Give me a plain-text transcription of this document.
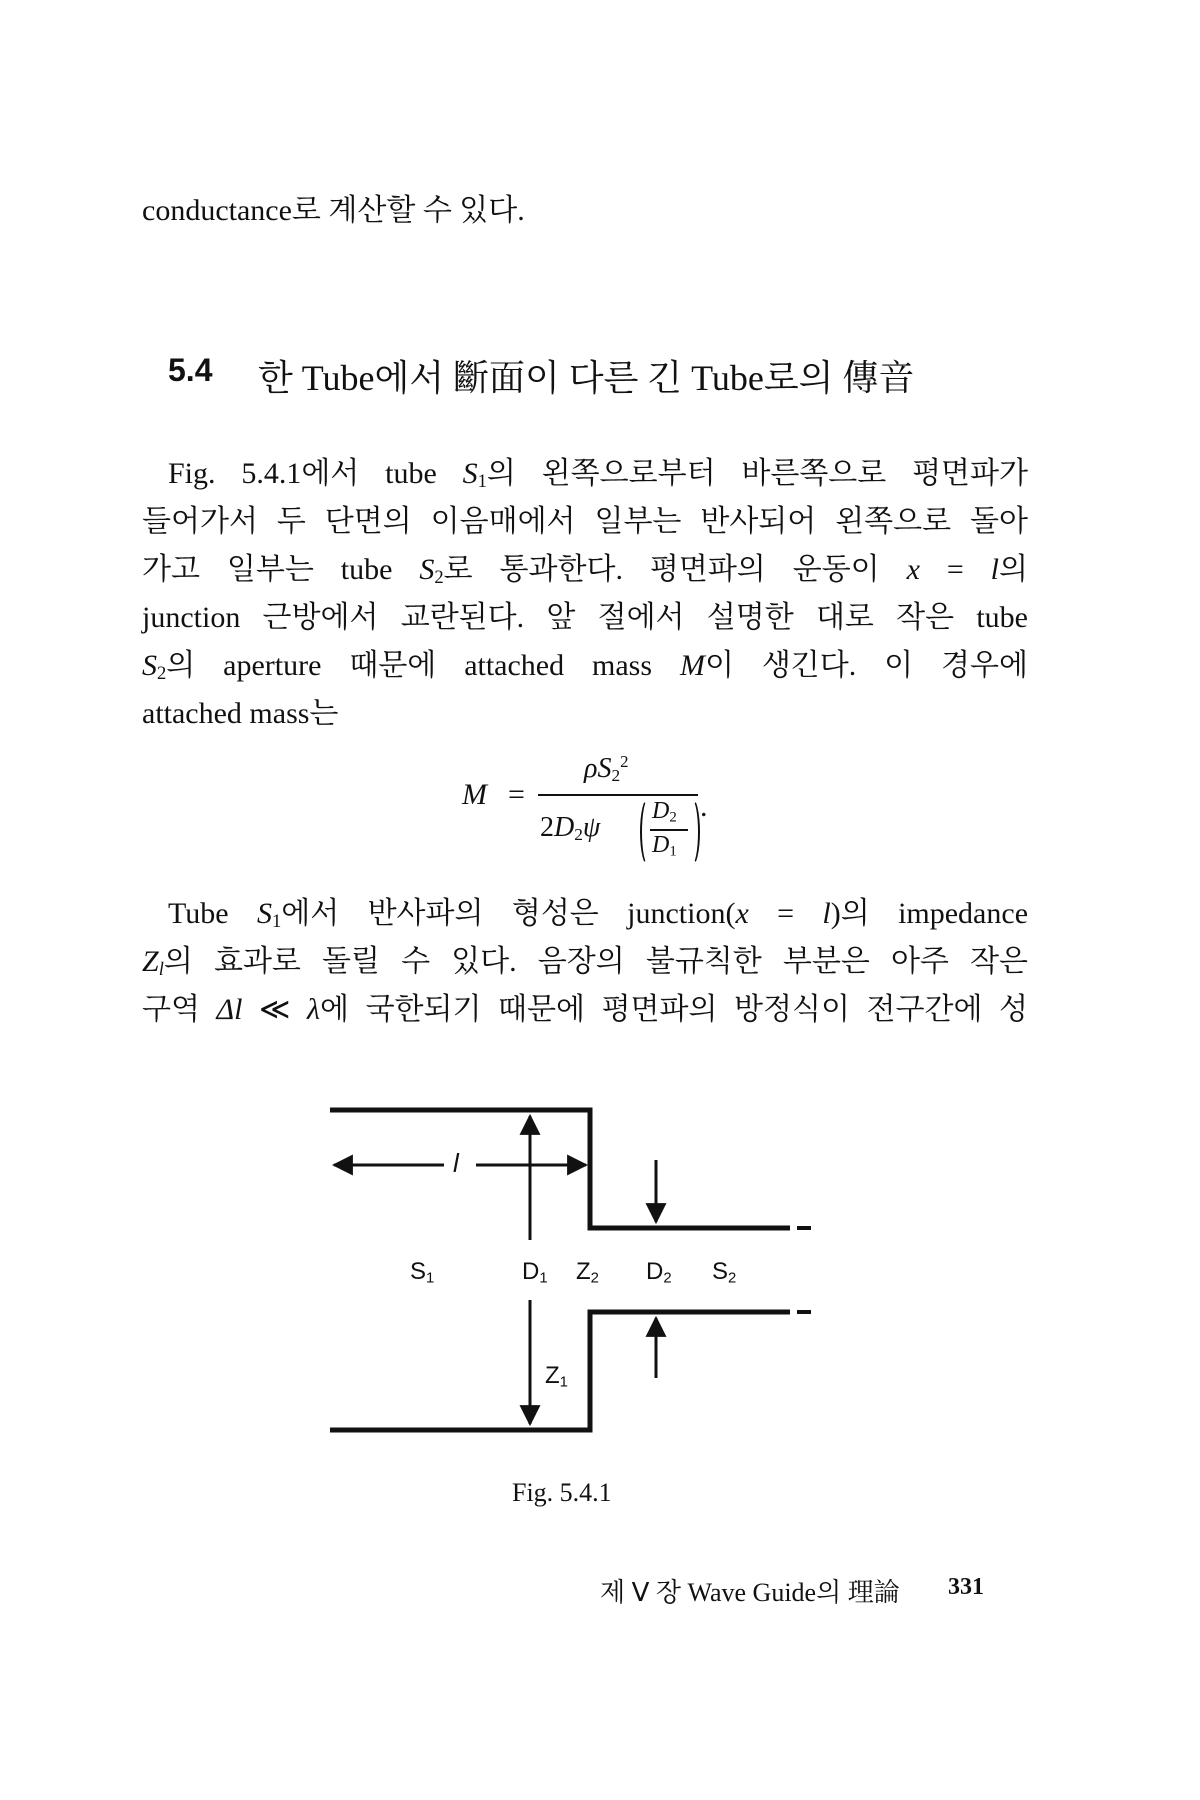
conductance로 계산할 수 있다.
5.4 한 Tube에서 斷面이 다른 긴 Tube로의 傳音
Fig. 5.4.1에서 tube $S_1$의 왼쪽으로부터 바른쪽으로 평면파가
들어가서 두 단면의 이음매에서 일부는 반사되어 왼쪽으로 돌아
가고 일부는 tube $S_2$로 통과한다. 평면파의 운동이 x = l의
junction 근방에서 교란된다. 앞 절에서 설명한 대로 작은 tube
$S_2$의 aperture 때문에 attached mass M이 생긴다. 이 경우에
attached mass는
M =
$\rho S_2^2$
$2D_2\psi$
$D_2$
$D_1$
.
Tube $S_1$에서 반사파의 형성은 junction(x = l)의 impedance
$Z_l$의 효과로 돌릴 수 있다. 음장의 불규칙한 부분은 아주 작은
구역 Δl ≪ λ에 국한되기 때문에 평면파의 방정식이 전구간에 성
l
$S_1$	$D_1$ $Z_2$ $D_2$ $S_2$
$Z_1$
Fig. 5.4.1
제 Ⅴ 장 Wave Guide의 理論 331
